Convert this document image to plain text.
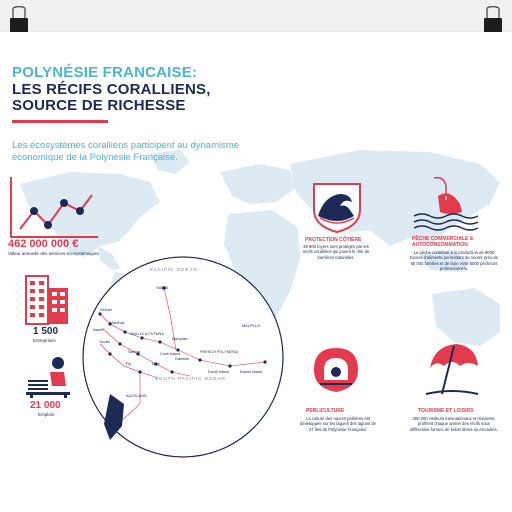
POLYNÉSIE FRANCAISE:
LES RÉCIFS CORALLIENS,
SOURCE DE RICHESSE
Les écosystèmes coralliens participent au dynamisme
économique de la Polynésie Française.
462 000 000 €
Valeur annuelle des services écosystémiques
1 500
Entreprises
21 000
Emplois
PACIFIC OCEAN
SOUTH PACIFIC OCEAN
HAWAI
Kiribati
Marshall
Nauru
Tuvalu
WALLIS & FUTUNA
Samoa
Fiji	Niue
Cook Island
Marquise
Gambier
FRENCH POLYNESIA
Ducie Island	Easter Island
MALPELO
AUCKLAND
PROTECTION CÔTIÈRE
35 800 foyers sont protégés par les récifs coralliens qui jouent le rôle de barrières naturelles.
PÊCHE COMMERCIALE & AUTOCONSOMMATION
La pêche contribue à la production de 9000 tonnes d'aliments permettant de nourrir près de 50 000 familles et de faire vivre 5000 pêcheurs professionnels.
PERLICULTURE
La culture des nacres perlières est développée sur les lagons des lagons de 27 îles de Polynésie Française.
TOURISME ET LOISIRS
300 000 visiteurs internationaux et résidents, profitent chaque année des récifs sous différentes formes de loisirs libres ou encadrés.
